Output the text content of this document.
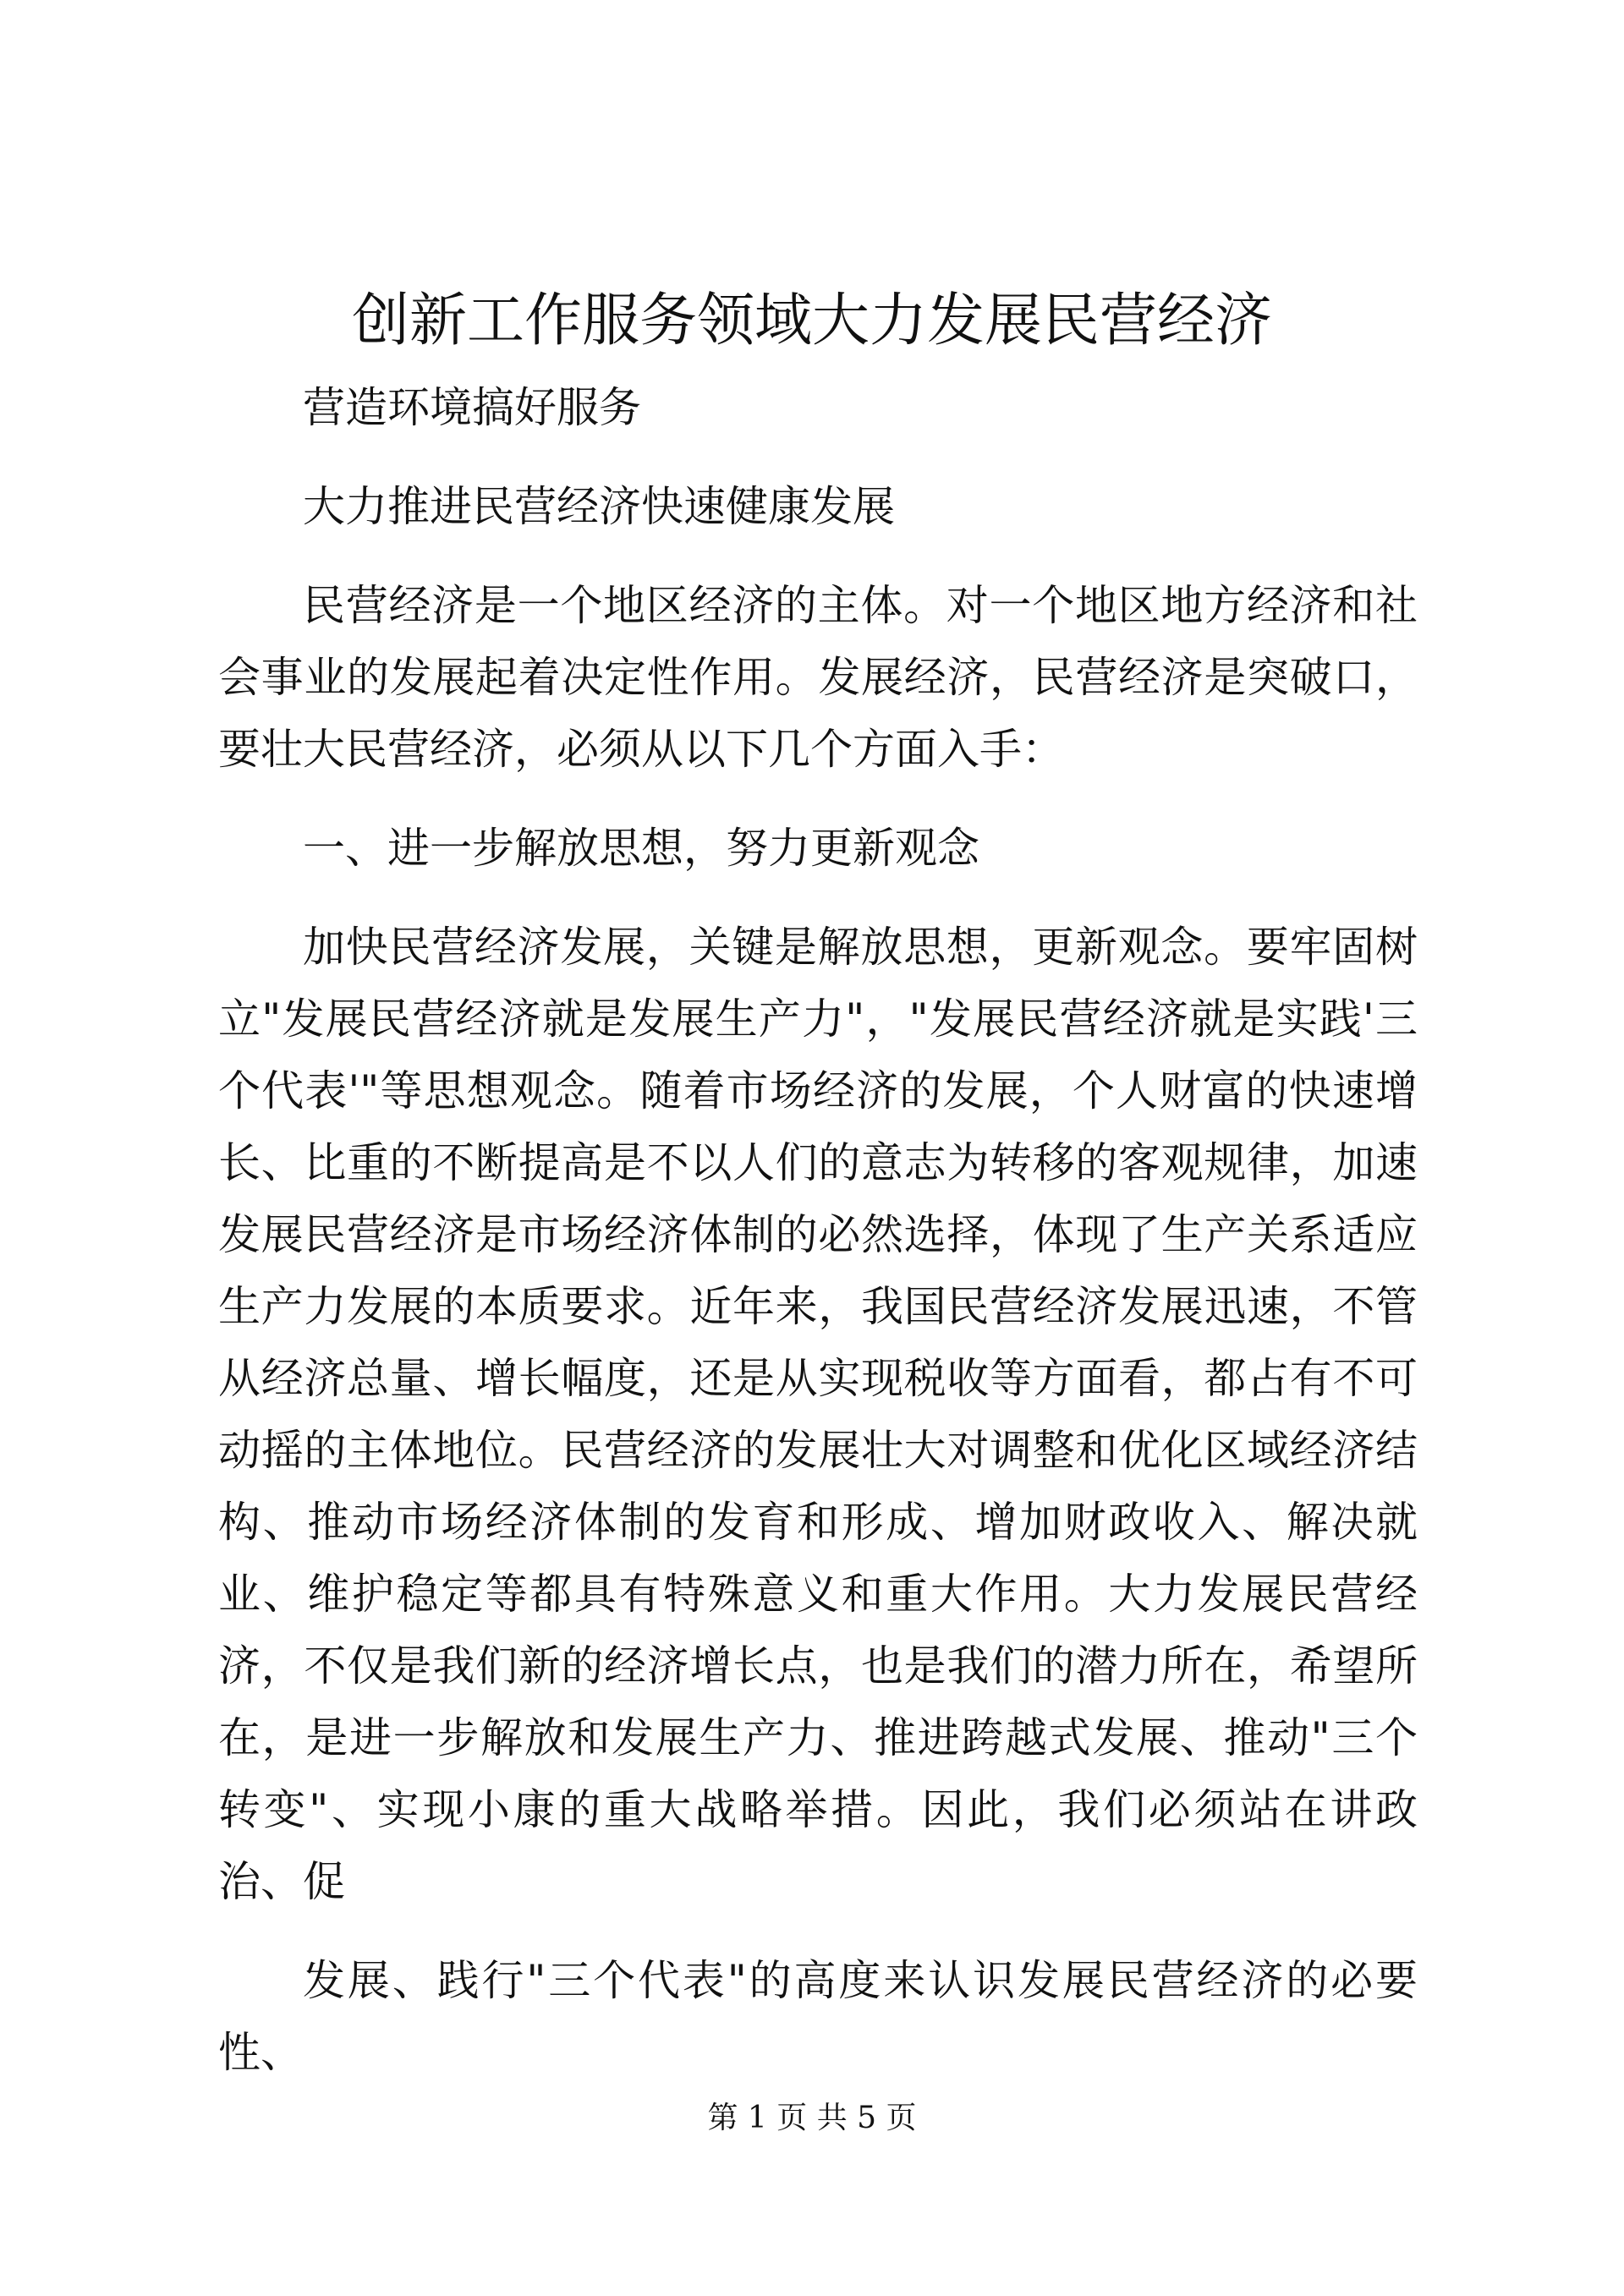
创新工作服务领域大力发展民营经济

营造环境搞好服务

大力推进民营经济快速健康发展

民营经济是一个地区经济的主体。对一个地区地方经济和社会事业的发展起着决定性作用。发展经济，民营经济是突破口，要壮大民营经济，必须从以下几个方面入手：

一、进一步解放思想，努力更新观念

加快民营经济发展，关键是解放思想，更新观念。要牢固树立"发展民营经济就是发展生产力"，"发展民营经济就是实践'三个代表'"等思想观念。随着市场经济的发展，个人财富的快速增长、比重的不断提高是不以人们的意志为转移的客观规律，加速发展民营经济是市场经济体制的必然选择，体现了生产关系适应生产力发展的本质要求。近年来，我国民营经济发展迅速，不管从经济总量、增长幅度，还是从实现税收等方面看，都占有不可动摇的主体地位。民营经济的发展壮大对调整和优化区域经济结构、推动市场经济体制的发育和形成、增加财政收入、解决就业、维护稳定等都具有特殊意义和重大作用。大力发展民营经济，不仅是我们新的经济增长点，也是我们的潜力所在，希望所在，是进一步解放和发展生产力、推进跨越式发展、推动"三个转变"、实现小康的重大战略举措。因此，我们必须站在讲政治、促

发展、践行"三个代表"的高度来认识发展民营经济的必要性、

第 1 页 共 5 页
